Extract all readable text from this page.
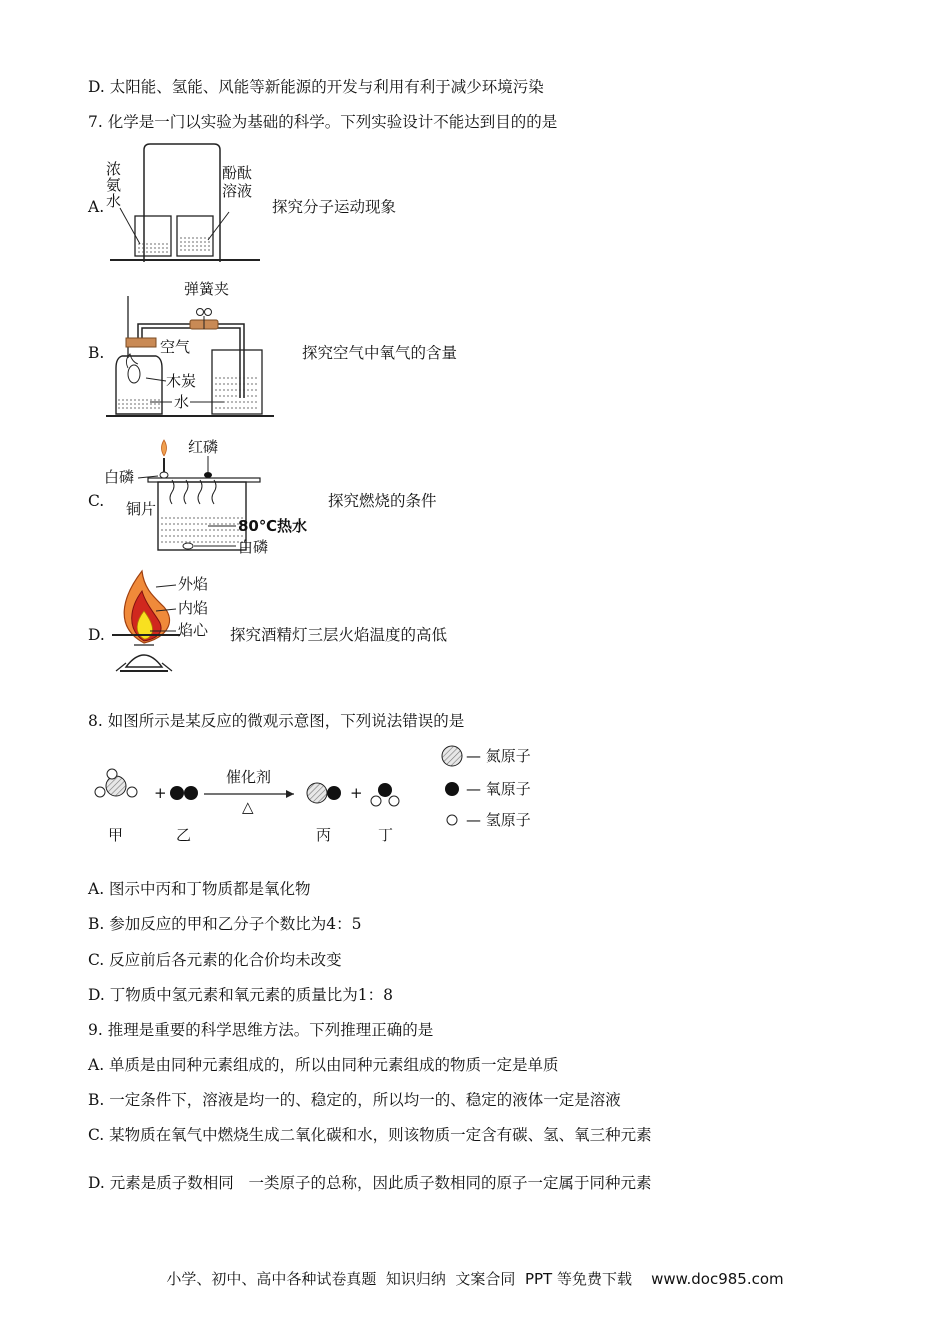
D. 太阳能、氢能、风能等新能源的开发与利用有利于减少环境污染
7. 化学是一门以实验为基础的科学。下列实验设计不能达到目的的是
A.
浓
氨
水
酚酞
溶液
探究分子运动现象
B.
弹簧夹
空气
木炭
水
探究空气中氧气的含量
C.
红磷
白磷
铜片
80℃热水
白磷
探究燃烧的条件
D.
外焰
内焰
焰心 探究酒精灯三层火焰温度的高低
8. 如图所示是某反应的微观示意图，下列说法错误的是
+
催化剂
△
+
甲	乙	丙	丁
— 氮原子
— 氧原子
— 氢原子
A. 图示中丙和丁物质都是氧化物
B. 参加反应的甲和乙分子个数比为4：5
C. 反应前后各元素的化合价均未改变
D. 丁物质中氢元素和氧元素的质量比为1：8
9. 推理是重要的科学思维方法。下列推理正确的是
A. 单质是由同种元素组成的，所以由同种元素组成的物质一定是单质
B. 一定条件下，溶液是均一的、稳定的，所以均一的、稳定的液体一定是溶液
C. 某物质在氧气中燃烧生成二氧化碳和水，则该物质一定含有碳、氢、氧三种元素
D. 元素是质子数相同   一类原子的总称，因此质子数相同的原子一定属于同种元素
小学、初中、高中各种试卷真题  知识归纳  文案合同  PPT 等免费下载    www.doc985.com
